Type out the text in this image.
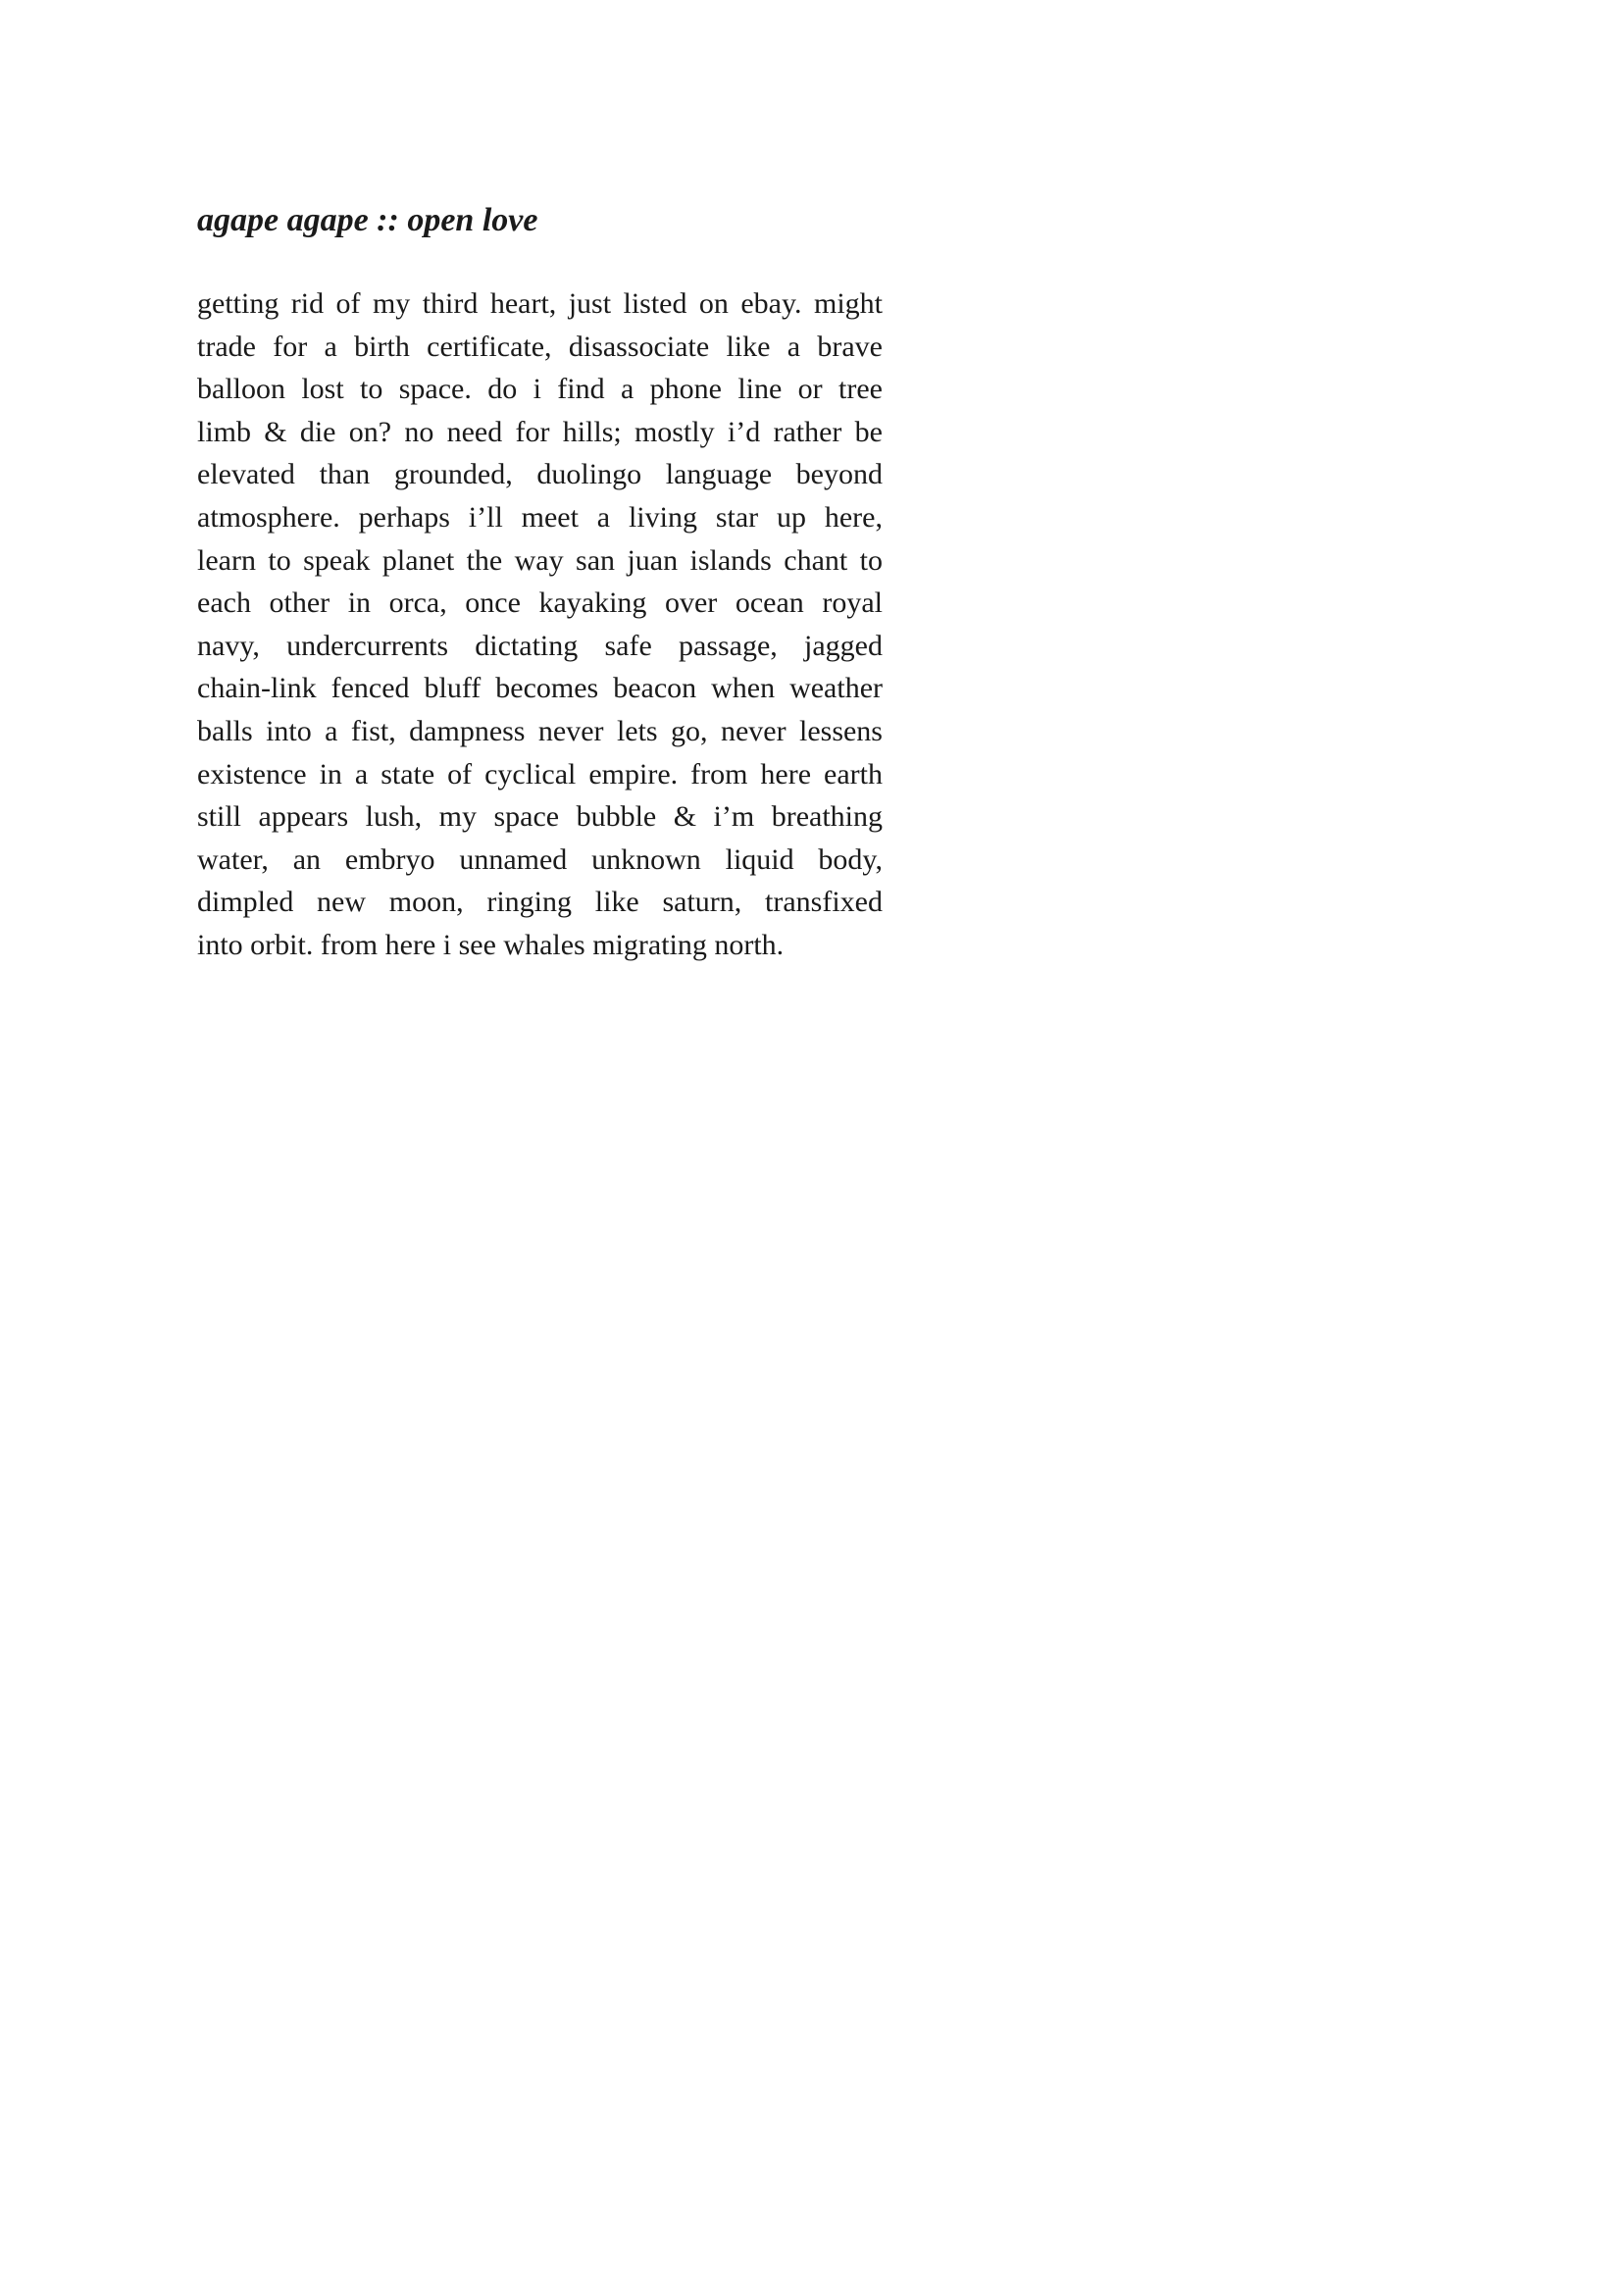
agape agape :: open love
getting rid of my third heart, just listed on ebay. might
trade for a birth certificate, disassociate like a brave
balloon lost to space. do i find a phone line or tree
limb & die on? no need for hills; mostly i’d rather be
elevated than grounded, duolingo language beyond
atmosphere. perhaps i’ll meet a living star up here,
learn to speak planet the way san juan islands chant to
each other in orca, once kayaking over ocean royal
navy, undercurrents dictating safe passage, jagged
chain-link fenced bluff becomes beacon when weather
balls into a fist, dampness never lets go, never lessens
existence in a state of cyclical empire. from here earth
still appears lush, my space bubble & i’m breathing
water, an embryo unnamed unknown liquid body,
dimpled new moon, ringing like saturn, transfixed
into orbit. from here i see whales migrating north.
